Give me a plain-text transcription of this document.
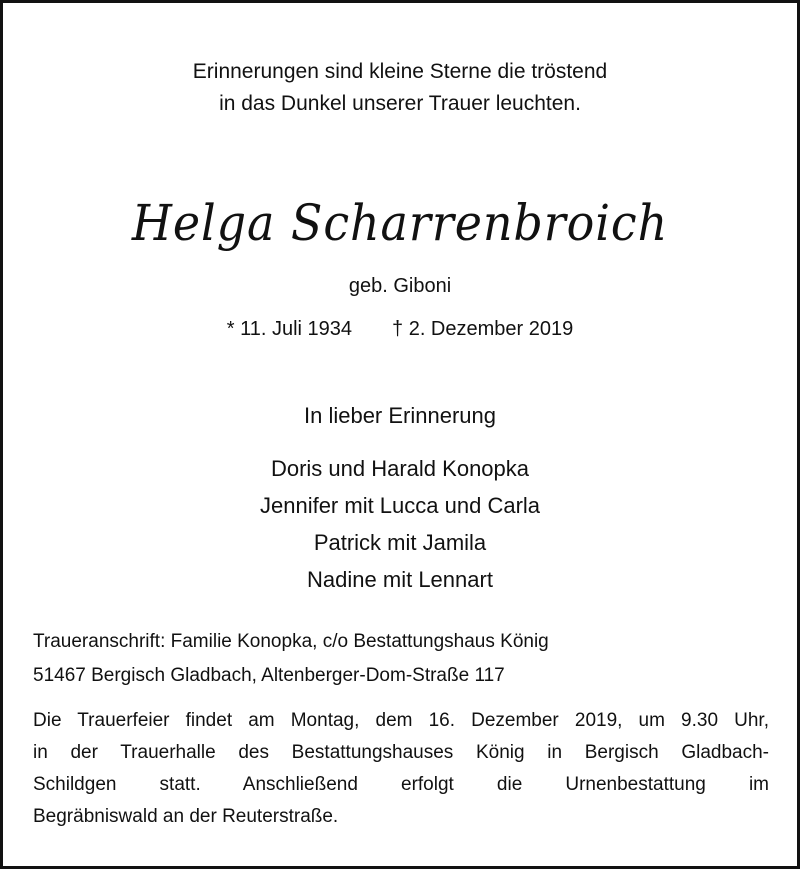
Erinnerungen sind kleine Sterne die tröstend
in das Dunkel unserer Trauer leuchten.
Helga Scharrenbroich
geb. Giboni
* 11. Juli 1934 † 2. Dezember 2019
In lieber Erinnerung
Doris und Harald Konopka
Jennifer mit Lucca und Carla
Patrick mit Jamila
Nadine mit Lennart
Traueranschrift: Familie Konopka, c/o Bestattungshaus König
51467 Bergisch Gladbach, Altenberger-Dom-Straße 117
Die Trauerfeier findet am Montag, dem 16. Dezember 2019, um 9.30 Uhr,
in der Trauerhalle des Bestattungshauses König in Bergisch Gladbach-
Schildgen statt. Anschließend erfolgt die Urnenbestattung im
Begräbniswald an der Reuterstraße.
